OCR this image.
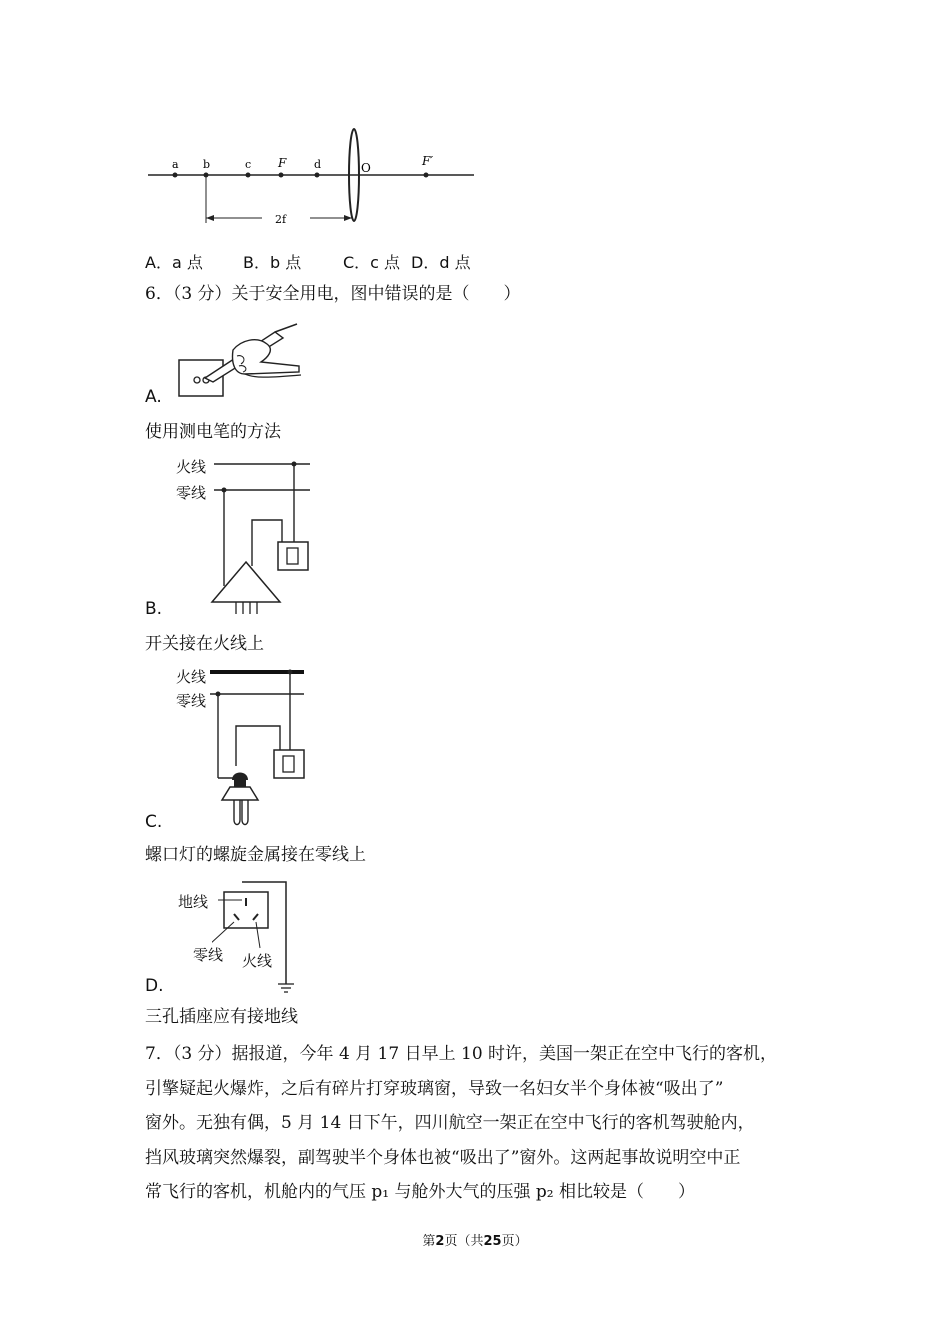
a b	c F	d	O	F′
2f
A．a 点	B．b 点	C．c 点 D．d 点
6．（3 分）关于安全用电，图中错误的是（　　）
A.
使用测电笔的方法
火线
零线
B.
开关接在火线上
火线
零线
C.
螺口灯的螺旋金属接在零线上
地线
零线 火线
D.
三孔插座应有接地线
7．（3 分）据报道，今年 4 月 17 日早上 10 时许，美国一架正在空中飞行的客机，
引擎疑起火爆炸，之后有碎片打穿玻璃窗，导致一名妇女半个身体被“吸出了”
窗外。无独有偶，5 月 14 日下午，四川航空一架正在空中飞行的客机驾驶舱内，
挡风玻璃突然爆裂，副驾驶半个身体也被“吸出了”窗外。这两起事故说明空中正
常飞行的客机，机舱内的气压 p₁ 与舱外大气的压强 p₂ 相比较是（　　）
第2页（共25页）
